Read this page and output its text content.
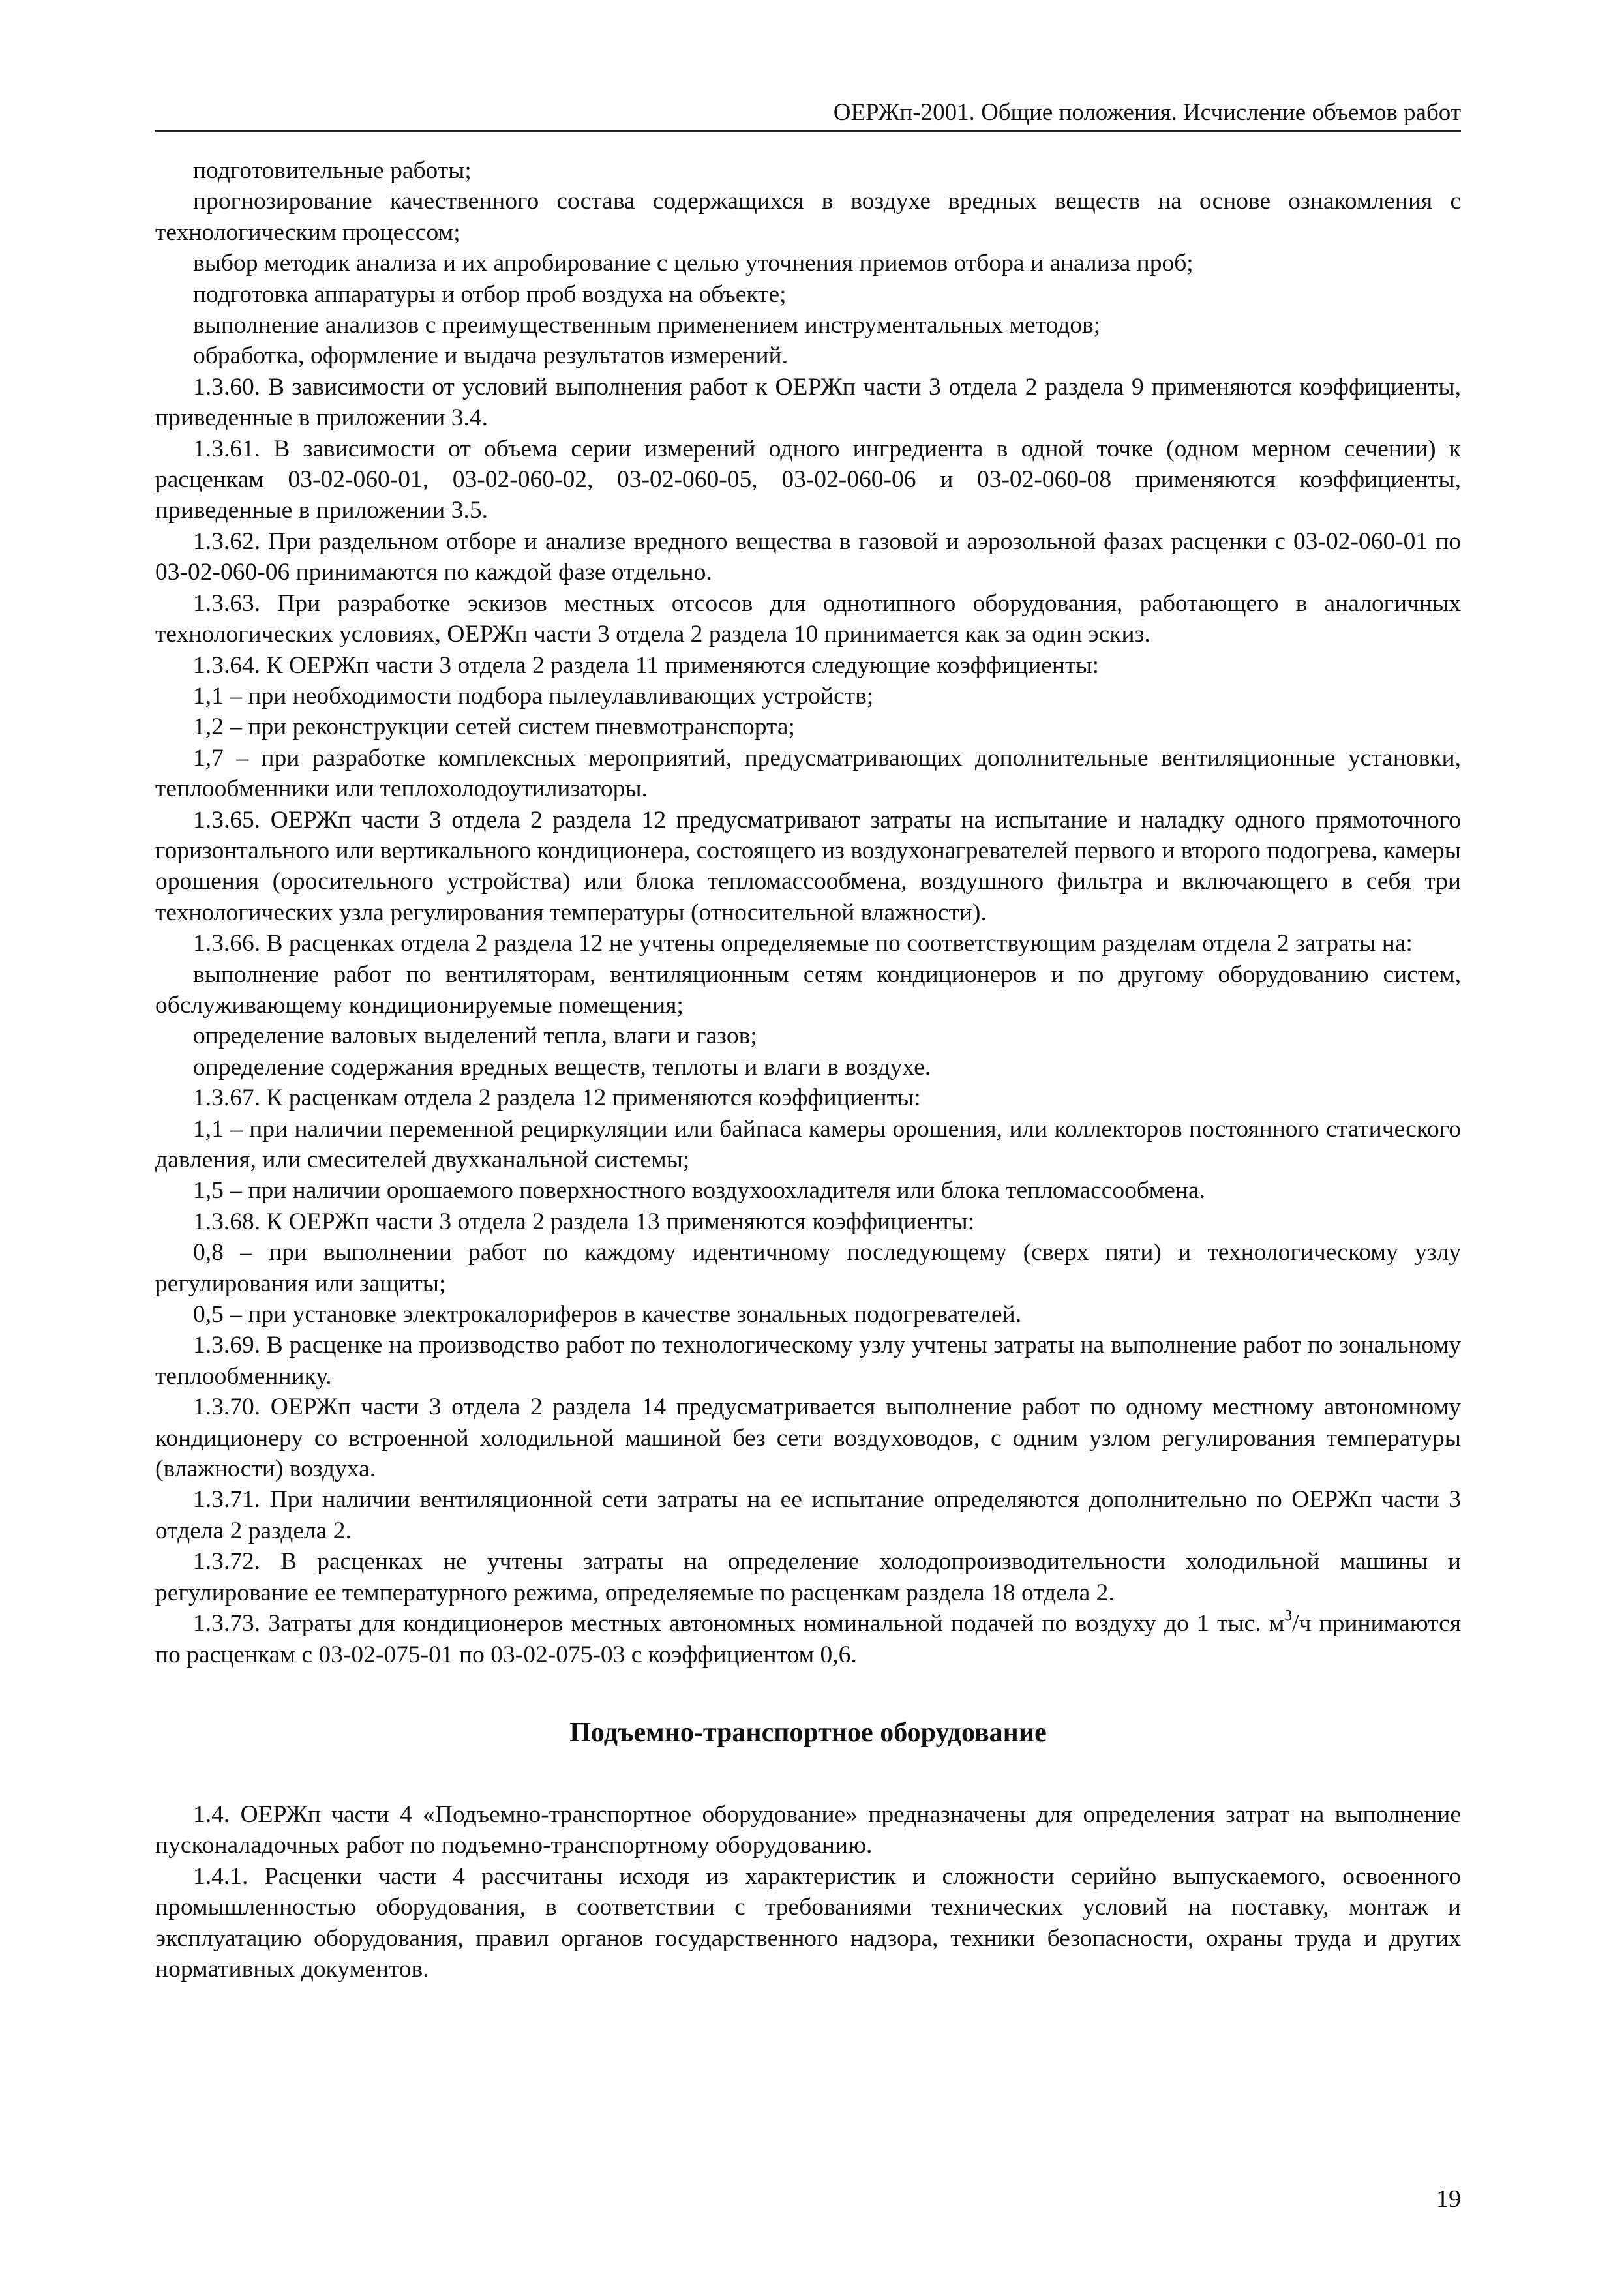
ОЕРЖп-2001. Общие положения. Исчисление объемов работ

подготовительные работы;

прогнозирование качественного состава содержащихся в воздухе вредных веществ на основе ознакомления с технологическим процессом;

выбор методик анализа и их апробирование с целью уточнения приемов отбора и анализа проб;

подготовка аппаратуры и отбор проб воздуха на объекте;

выполнение анализов с преимущественным применением инструментальных методов;

обработка, оформление и выдача результатов измерений.

1.3.60. В зависимости от условий выполнения работ к ОЕРЖп части 3 отдела 2 раздела 9 применяются коэффициенты, приведенные в приложении 3.4.

1.3.61. В зависимости от объема серии измерений одного ингредиента в одной точке (одном мерном сечении) к расценкам 03-02-060-01, 03-02-060-02, 03-02-060-05, 03-02-060-06 и 03-02-060-08 применяются коэффициенты, приведенные в приложении 3.5.

1.3.62. При раздельном отборе и анализе вредного вещества в газовой и аэрозольной фазах расценки с 03-02-060-01 по 03-02-060-06 принимаются по каждой фазе отдельно.

1.3.63. При разработке эскизов местных отсосов для однотипного оборудования, работающего в аналогичных технологических условиях, ОЕРЖп части 3 отдела 2 раздела 10 принимается как за один эскиз.

1.3.64. К ОЕРЖп части 3 отдела 2 раздела 11 применяются следующие коэффициенты:

1,1 – при необходимости подбора пылеулавливающих устройств;

1,2 – при реконструкции сетей систем пневмотранспорта;

1,7 – при разработке комплексных мероприятий, предусматривающих дополнительные вентиляционные установки, теплообменники или теплохолодоутилизаторы.

1.3.65. ОЕРЖп части 3 отдела 2 раздела 12 предусматривают затраты на испытание и наладку одного прямоточного горизонтального или вертикального кондиционера, состоящего из воздухонагревателей первого и второго подогрева, камеры орошения (оросительного устройства) или блока тепломассообмена, воздушного фильтра и включающего в себя три технологических узла регулирования температуры (относительной влажности).

1.3.66. В расценках отдела 2 раздела 12 не учтены определяемые по соответствующим разделам отдела 2 затраты на:

выполнение работ по вентиляторам, вентиляционным сетям кондиционеров и по другому оборудованию систем, обслуживающему кондиционируемые помещения;

определение валовых выделений тепла, влаги и газов;

определение содержания вредных веществ, теплоты и влаги в воздухе.

1.3.67. К расценкам отдела 2 раздела 12 применяются коэффициенты:

1,1 – при наличии переменной рециркуляции или байпаса камеры орошения, или коллекторов постоянного статического давления, или смесителей двухканальной системы;

1,5 – при наличии орошаемого поверхностного воздухоохладителя или блока тепломассообмена.

1.3.68. К ОЕРЖп части 3 отдела 2 раздела 13 применяются коэффициенты:

0,8 – при выполнении работ по каждому идентичному последующему (сверх пяти) и технологическому узлу регулирования или защиты;

0,5 – при установке электрокалориферов в качестве зональных подогревателей.

1.3.69. В расценке на производство работ по технологическому узлу учтены затраты на выполнение работ по зональному теплообменнику.

1.3.70. ОЕРЖп части 3 отдела 2 раздела 14 предусматривается выполнение работ по одному местному автономному кондиционеру со встроенной холодильной машиной без сети воздуховодов, с одним узлом регулирования температуры (влажности) воздуха.

1.3.71. При наличии вентиляционной сети затраты на ее испытание определяются дополнительно по ОЕРЖп части 3 отдела 2 раздела 2.

1.3.72. В расценках не учтены затраты на определение холодопроизводительности холодильной машины и регулирование ее температурного режима, определяемые по расценкам раздела 18 отдела 2.

1.3.73. Затраты для кондиционеров местных автономных номинальной подачей по воздуху до 1 тыс. $м^3/ч$ принимаются по расценкам с 03-02-075-01 по 03-02-075-03 с коэффициентом 0,6.

Подъемно-транспортное оборудование

1.4. ОЕРЖп части 4 «Подъемно-транспортное оборудование» предназначены для определения затрат на выполнение пусконаладочных работ по подъемно-транспортному оборудованию.

1.4.1. Расценки части 4 рассчитаны исходя из характеристик и сложности серийно выпускаемого, освоенного промышленностью оборудования, в соответствии с требованиями технических условий на поставку, монтаж и эксплуатацию оборудования, правил органов государственного надзора, техники безопасности, охраны труда и других нормативных документов.

19
